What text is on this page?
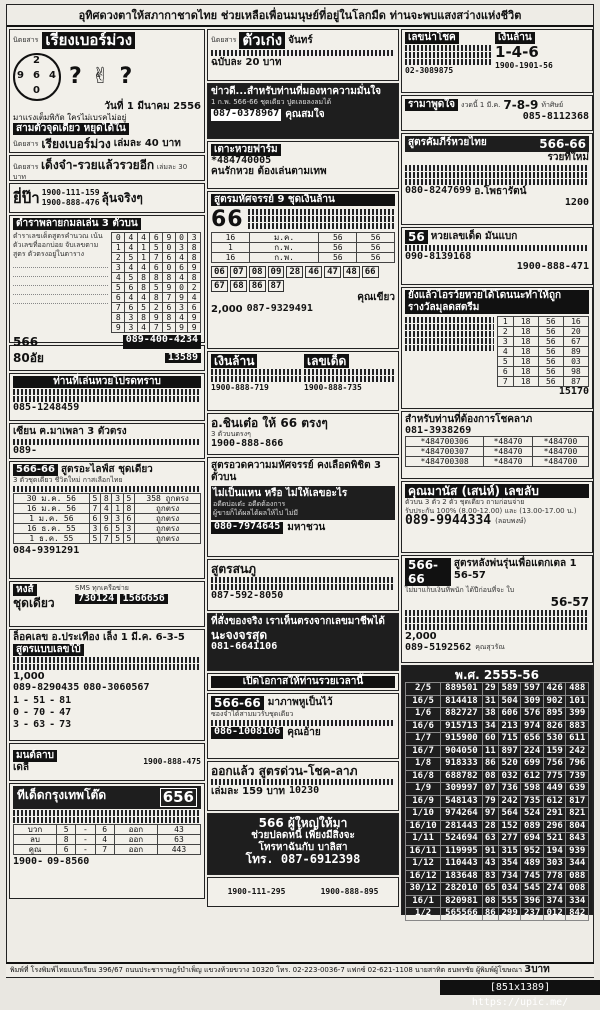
อุทิศดวงตาให้สภากาชาดไทย ช่วยเหลือเพื่อนมนุษย์ที่อยู่ในโลกมืด ท่านจะพบแสงสว่างแห่งชีวิต
นิตยสาร เรียงเบอร์ม่วง
2
9 6 4
0
? ✌ ?
วันที่ 1 มีนาคม 2556
มาแรงเต็มพิกัด ใครไม่เบรคไม่อยู่
สามตัวจุดเดียว หยุดได้ใน
นิตยสาร เรียงเบอร์ม่วง เล่มละ 40 บาท
นิตยสาร เด็งจ๋า-รวยแล้วรวยอีก เล่มละ 30 บาท
ยี่ป๊า 1900-111-159
1900-888-476 ลุ้นจริงๆ
ตำราพลายกมลเล่น 3 ตัวบน
ตำราเลขเด็ดสูตรคำนวณ เน้นตัวเลขที่ออกบ่อย จับเลขตามสูตร ตัวตรงอยู่ในตาราง

0	4	4	6	9	0	3
1	4	1	5	0	3	8
2	5	1	7	6	4	8
3	4	4	6	0	6	9
4	5	8	8	8	4	8
5	6	8	5	9	0	2
6	4	4	8	7	9	4
7	6	5	2	6	3	6
8	3	8	9	8	4	9
9	3	4	7	5	9	9
566	089-400-4234
80อัย	13589
ท่านที่เล่นหวยโปรดทราบ
085-1248459
เซียน ฅ.มาเพลา 3 ตัวตรง
089-
566-66 สูตรอะไลฟ์ส ชุดเดียว
3 ตัวชุดเดียว ชีวิตใหม่ กาสเลือกไทย
30 ม.ค. 56	5	8	3	5	358 ถูกตรง
16 ม.ค. 56	7	4	1	8	ถูกตรง
1 ม.ค. 56	6	9	3	6	ถูกตรง
16 ธ.ค. 55	3	6	5	3	ถูกตรง
1 ธ.ค. 55	5	7	5	5	ถูกตรง
084-9391291
หงส์
ชุดเดียว
SMS ทุกเครือข่าย
730124 1566656
ล็อคเลข อ.ประเทือง เล็ง 1 มี.ค. 6-3-5
สูตรแบบเลขใบ้
1,000
089-8290435 080-3060567
1 - 51 - 81
0 - 70 - 47
3 - 63 - 73
มนต์ลาบ
เดลี่
1900-888-475
ทีเด็ดกรุงเทพโต๊ด	656
บวก	5	-	6	ออก	43
ลบ	8	-	4	ออก	63
คูณ	6	-	7	ออก	443
1900- 09-8560
นิตยสาร ตัวเก่ง จันทร์
ฉบับละ 20 บาท
ข่าวดี...สำหรับท่านที่มองหาความมั่นใจ
1 ก.พ. 566-66 ชุดเดียว ปูตเลยลงลมได้
087-0378967 คุณสมใจ
เตาะหวยฟาร์ม
*484740005
คนรักหวย ต้องเล่นตามเทพ
สูตรมหัศจรรย์ 9 ชุดเงินล้าน
66
16	ม.ค.	56	56
1	ก.พ.	56	56
16	ก.พ.	56	56
06 07 08 09 28 46 47 48 66
67 68 86 87
คุณเขียว
2,000 087-9329491
เงินล้าน
1900-888-719
เลขเด็ด
1900-888-735
อ.ชินเต๋อ ให้ 66 ตรงๆ
3 ตัวบนตรงๆ
1900-888-866
สูตรอวดความมหัศจรรย์ คงเลือดพิชิต 3 ตัวบน
ไม่เป็นแหน หรือ ไม่ให้เลขอะไร
อดีดบ่อเด๋ะ อดีดต้องการ
ผู้ขายก็ได้ผลได้ผลให้ไป ไม่มี
080-7974645 มหาชวน
สูตรสนภู
087-592-8050
ที่สั่งของจริง เราเห็นตรงจากเลขมาชีพได้
นะจงจรสุด
081-6641106
เปิดโอกาสให้ท่านรวยเวลานี้
566-66 มาภาพหูเป็นไว้
ซองจำได้สามมวรับชุดเดียว
086-1008106 คุณอ้าย
ออกแล้ว สูตรด่วน-โชค-ลาภ
เล่มละ 159 บาท 10230
566 ผู้ใหญ่ให้มา
ช่วยปลดหนี้ เพียงมีสิ่งจะ
โทรหาฉันกับ บาลิสา
โทร. 087-6912398
1900-111-295	1900-888-895
เลขน่าโชค
02-3089875
เงินล้าน
1-4-6
1900-1901-56
รามาพูดใจ งวดนี้ 1 มี.ค. 7-8-9 ท้าศิษย์
085-8112368
สูตรคัมภีร์หวยไทย	566-66
รวยที่ใหม่
080-8247699 อ.โพธารัตน์
1200
56 หวยเลขเด็ด มันแบก
090-8139168
1900-888-471
ยังแล้วไอรว์ยหวยได้โดนนะทำให้ถูกรางวัลมุลดสตรีม
1	18	56	16
2	18	56	20
3	18	56	67
4	18	56	89
5	18	56	03
6	18	56	98
7	18	56	87
15170
สำหรับท่านที่ต้องการโชคลาภ
081-3938269
*484700306	*48470	*484700
*484700307	*48470	*484700
*484700308	*48470	*484700
คุณมานัส (เสน่ห์) เลขลับ
ตัวบน 3 ตัว 2 ตัว ชุดเดียว ถามก่อนจ่าย
รับประกัน 100% (8.00-12.00) และ (13.00-17.00 น.)
089-9944334 (ลอบพงษ์)
566-66
สูตรหลังพ่นรุ่นเพื่อแตกเตล 1 56-57
ไม่มาแก็บเงินที่พนัก ได้ปีก่อนที่จะ ใบ
56-57
2,000
089-5192562 คุณสุวรัณ
พ.ศ. 2555-56
2/5	889501	29	589	597	426	488
16/5	814418	31	504	309	902	101
1/6	882727	38	606	576	895	399
16/6	915713	34	213	974	826	883
1/7	915900	60	715	656	530	611
16/7	904050	11	897	224	159	242
1/8	918333	86	520	699	756	796
16/8	688782	08	032	612	775	739
1/9	309997	07	736	598	449	639
16/9	548143	79	242	735	612	817
1/10	974264	97	564	524	291	821
16/10	281443	28	152	089	296	804
1/11	524694	63	277	694	521	843
16/11	119995	91	315	952	194	939
1/12	110443	43	354	489	303	344
16/12	183648	83	734	745	778	088
30/12	282010	65	034	545	274	008
16/1	820981	08	555	396	374	334
1/2	565566	86	299	237	012	842
พิมพ์ที่ โรงพิมพ์ไทยแบบเรียน 396/67 ถนนประชาราษฎร์บำเพ็ญ แขวงห้วยขวาง 10320 โทร. 02-223-0036-7 แฟกซ์ 02-621-1108 นายสาทิต ธนพรชัย ผู้พิมพ์ผู้โฆษณา 3บาท
[851x1389] https://upic.me/
